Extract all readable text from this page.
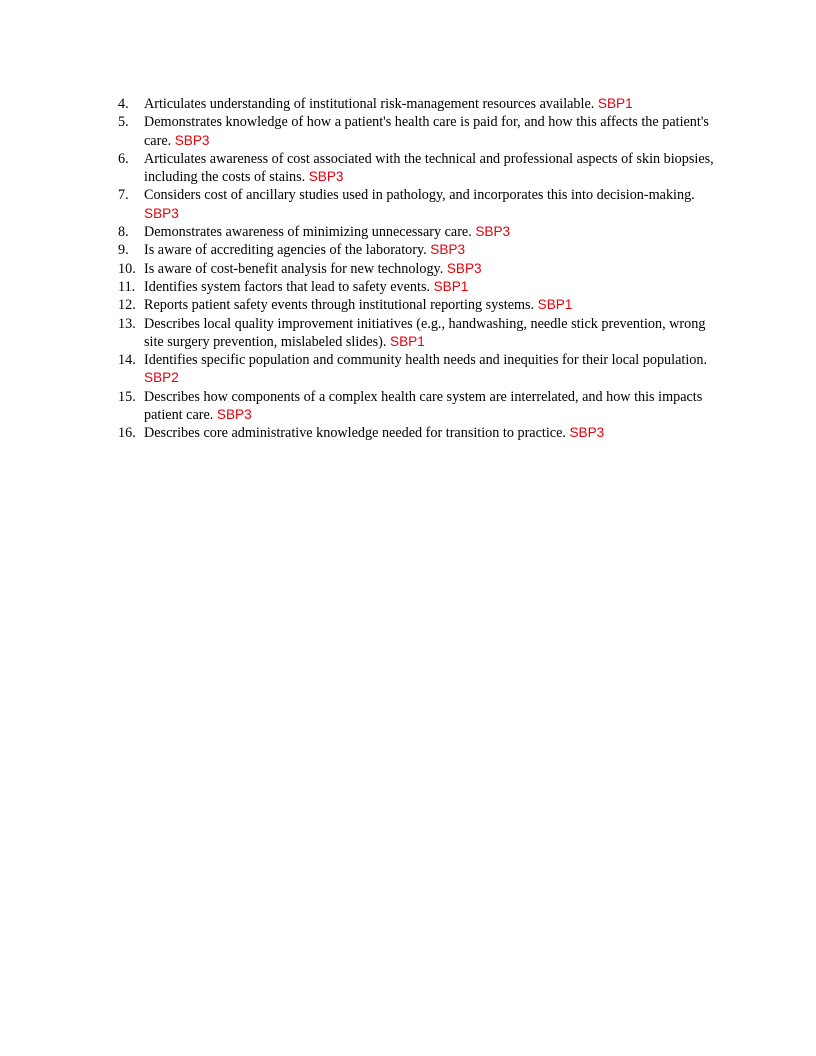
4. Articulates understanding of institutional risk-management resources available. SBP1
5. Demonstrates knowledge of how a patient's health care is paid for, and how this affects the patient's care. SBP3
6. Articulates awareness of cost associated with the technical and professional aspects of skin biopsies, including the costs of stains. SBP3
7. Considers cost of ancillary studies used in pathology, and incorporates this into decision-making. SBP3
8. Demonstrates awareness of minimizing unnecessary care. SBP3
9. Is aware of accrediting agencies of the laboratory. SBP3
10. Is aware of cost-benefit analysis for new technology. SBP3
11. Identifies system factors that lead to safety events. SBP1
12. Reports patient safety events through institutional reporting systems. SBP1
13. Describes local quality improvement initiatives (e.g., handwashing, needle stick prevention, wrong site surgery prevention, mislabeled slides). SBP1
14. Identifies specific population and community health needs and inequities for their local population. SBP2
15. Describes how components of a complex health care system are interrelated, and how this impacts patient care. SBP3
16. Describes core administrative knowledge needed for transition to practice. SBP3
